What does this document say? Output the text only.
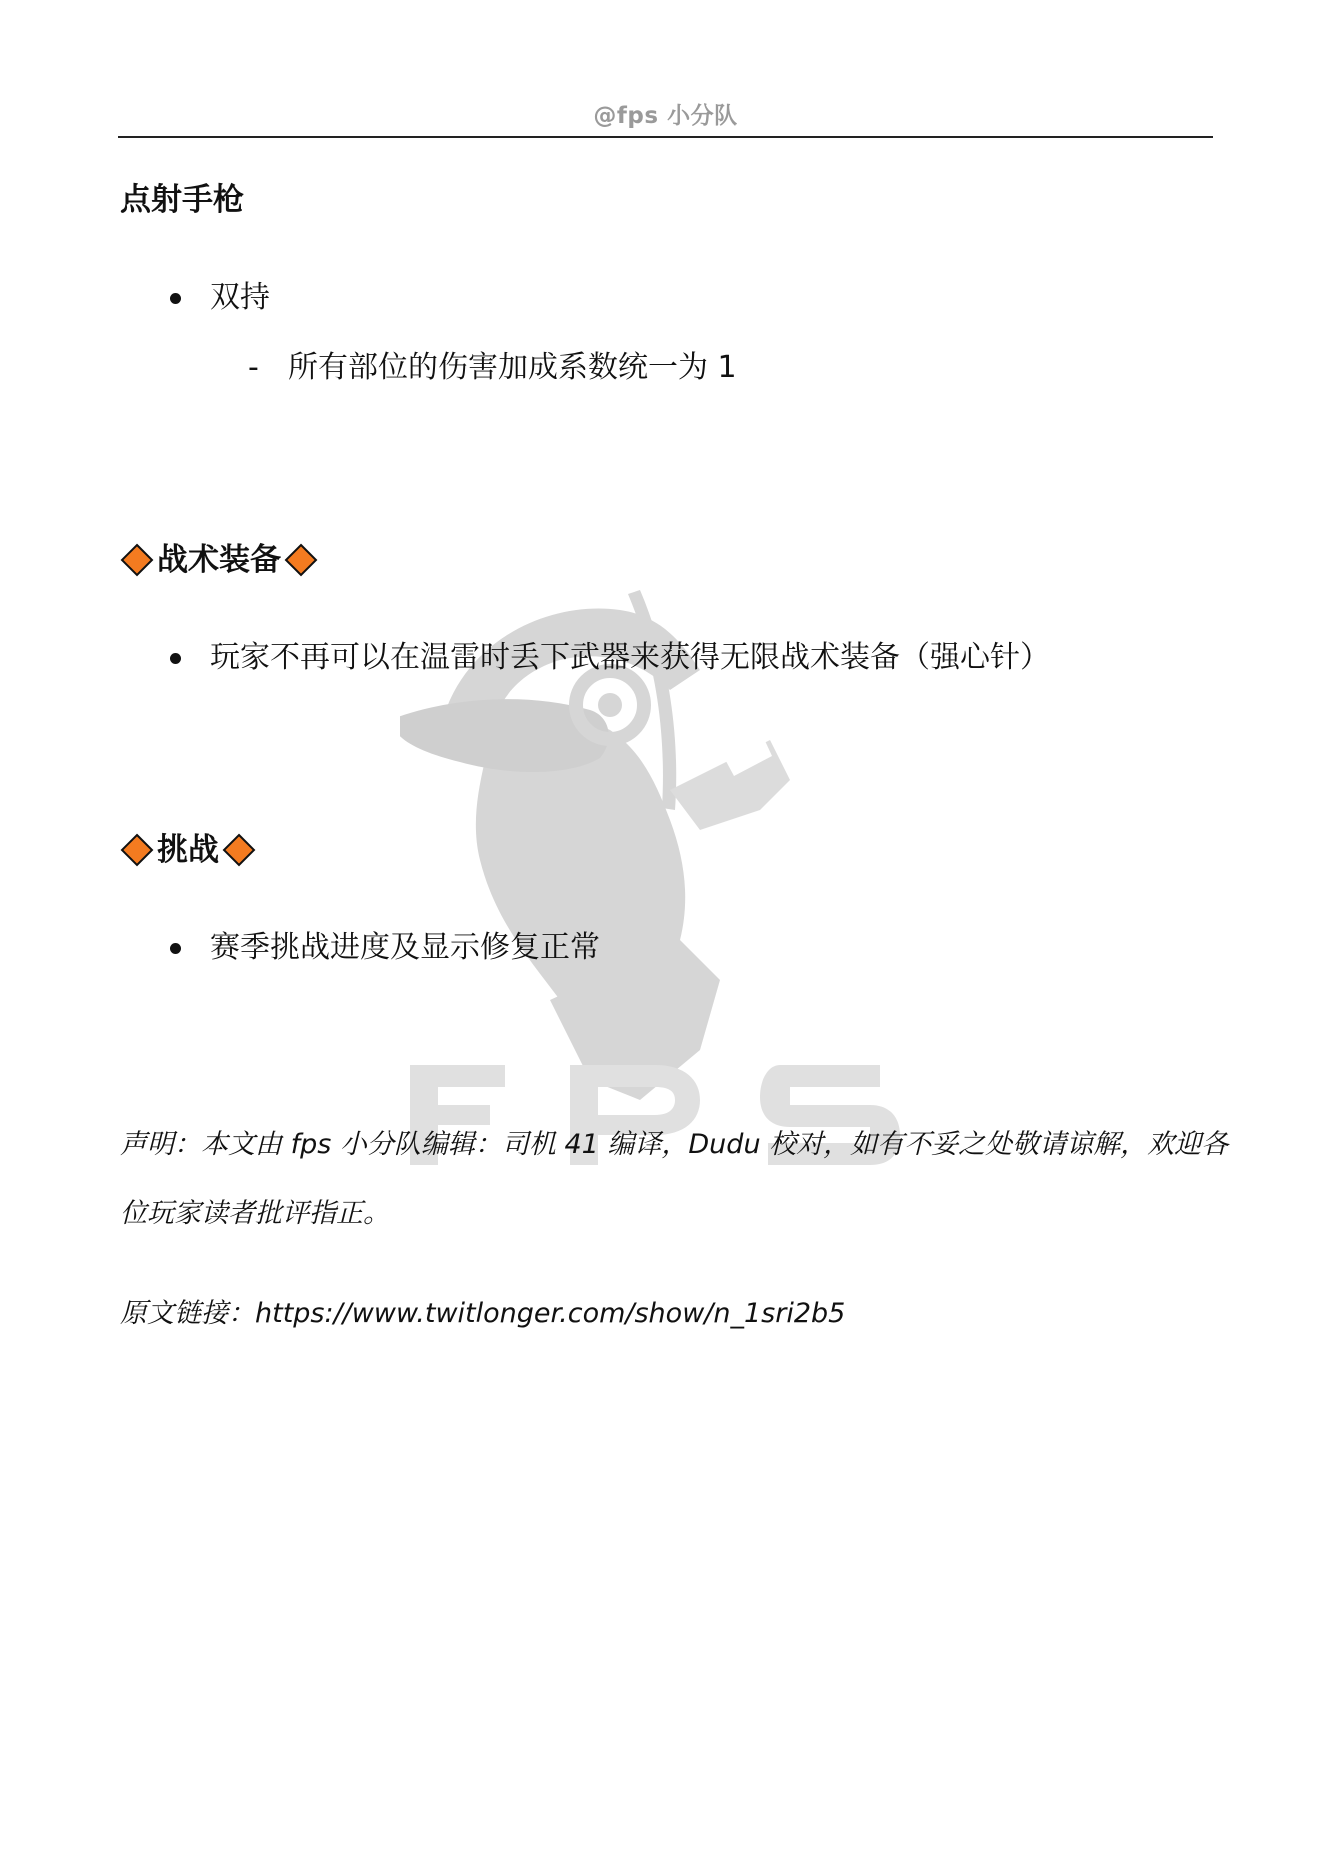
@fps 小分队
点射手枪
双持
- 所有部位的伤害加成系数统一为 1
战术装备
玩家不再可以在温雷时丢下武器来获得无限战术装备（强心针）
挑战
赛季挑战进度及显示修复正常
声明：本文由 fps 小分队编辑：司机 41 编译，Dudu 校对，如有不妥之处敬请谅解，欢迎各
位玩家读者批评指正。
原文链接：https://www.twitlonger.com/show/n_1sri2b5
